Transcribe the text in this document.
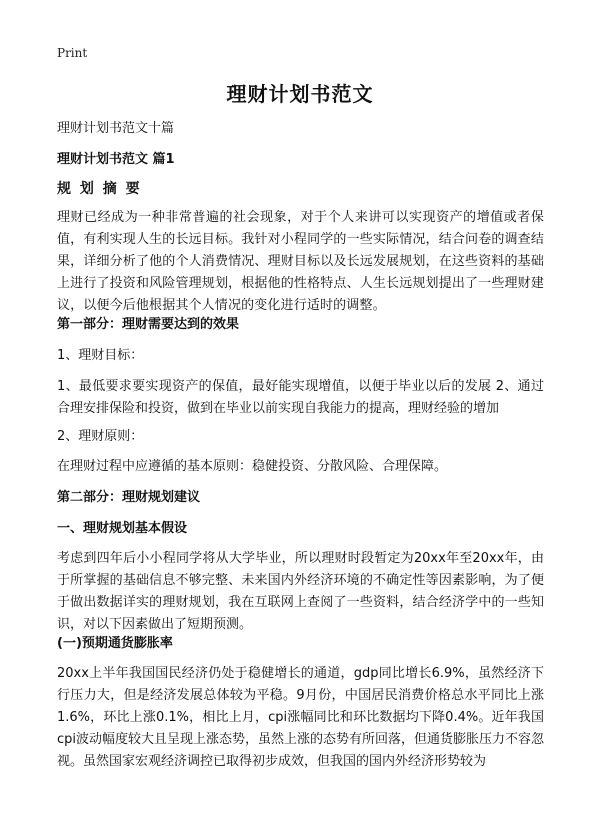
Print
理财计划书范文
理财计划书范文十篇
理财计划书范文 篇1
规 划 摘 要
理财已经成为一种非常普遍的社会现象，对于个人来讲可以实现资产的增值或者保值，有利实现人生的长远目标。我针对小程同学的一些实际情况，结合问卷的调查结果，详细分析了他的个人消费情况、理财目标以及长远发展规划，在这些资料的基础上进行了投资和风险管理规划，根据他的性格特点、人生长远规划提出了一些理财建议，以便今后他根据其个人情况的变化进行适时的调整。
第一部分：理财需要达到的效果
1、理财目标：
1、最低要求要实现资产的保值，最好能实现增值，以便于毕业以后的发展 2、通过合理安排保险和投资，做到在毕业以前实现自我能力的提高，理财经验的增加
2、理财原则：
在理财过程中应遵循的基本原则：稳健投资、分散风险、合理保障。
第二部分：理财规划建议
一、理财规划基本假设
考虑到四年后小小程同学将从大学毕业，所以理财时段暂定为20xx年至20xx年，由于所掌握的基础信息不够完整、未来国内外经济环境的不确定性等因素影响，为了便于做出数据详实的理财规划，我在互联网上查阅了一些资料，结合经济学中的一些知识，对以下因素做出了短期预测。
(一)预期通货膨胀率
20xx上半年我国国民经济仍处于稳健增长的通道，gdp同比增长6.9%，虽然经济下行压力大，但是经济发展总体较为平稳。9月份，中国居民消费价格总水平同比上涨1.6%，环比上涨0.1%，相比上月，cpi涨幅同比和环比数据均下降0.4%。近年我国cpi波动幅度较大且呈现上涨态势，虽然上涨的态势有所回落，但通货膨胀压力不容忽视。虽然国家宏观经济调控已取得初步成效，但我国的国内外经济形势较为
